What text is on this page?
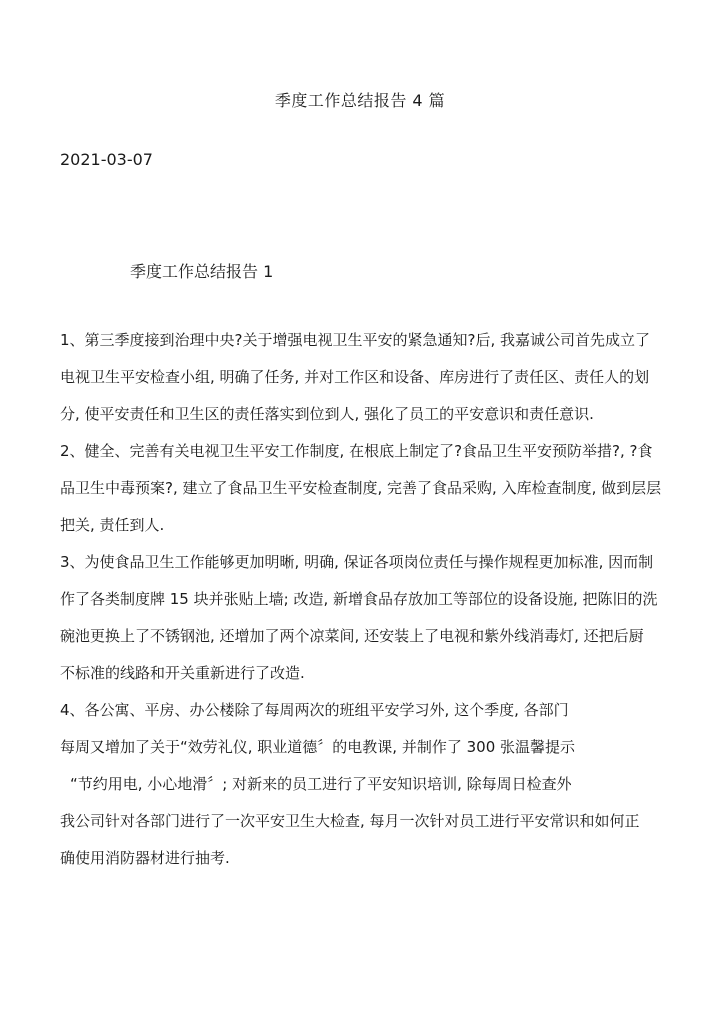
季度工作总结报告 4 篇
2021-03-07
季度工作总结报告 1
1、第三季度接到治理中央?关于增强电视卫生平安的紧急通知?后, 我嘉诚公司首先成立了
电视卫生平安检查小组, 明确了任务, 并对工作区和设备、库房进行了责任区、责任人的划
分, 使平安责任和卫生区的责任落实到位到人, 强化了员工的平安意识和责任意识.
2、健全、完善有关电视卫生平安工作制度, 在根底上制定了?食品卫生平安预防举措?, ?食
品卫生中毒预案?, 建立了食品卫生平安检查制度, 完善了食品采购, 入库检查制度, 做到层层
把关, 责任到人.
3、为使食品卫生工作能够更加明晰, 明确, 保证各项岗位责任与操作规程更加标准, 因而制
作了各类制度牌 15 块并张贴上墙; 改造, 新增食品存放加工等部位的设备设施, 把陈旧的洗
碗池更换上了不锈钢池, 还增加了两个凉菜间, 还安装上了电视和紫外线消毒灯, 还把后厨
不标准的线路和开关重新进行了改造.
4、各公寓、平房、办公楼除了每周两次的班组平安学习外, 这个季度, 各部门
每周又增加了关于“效劳礼仪, 职业道德〞的电教课, 并制作了 300 张温馨提示
“节约用电, 小心地滑〞; 对新来的员工进行了平安知识培训, 除每周日检查外
我公司针对各部门进行了一次平安卫生大检查, 每月一次针对员工进行平安常识和如何正
确使用消防器材进行抽考.
